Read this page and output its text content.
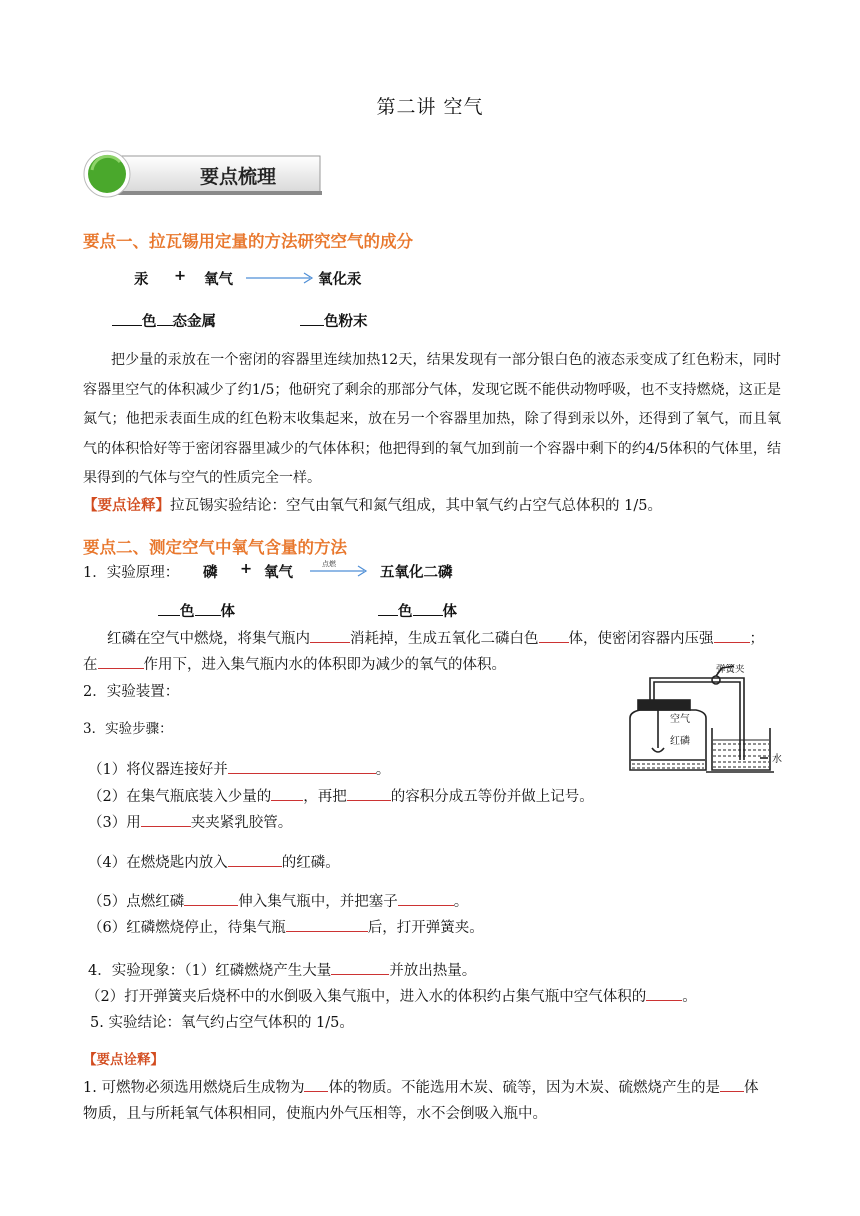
第二讲 空气
要点梳理
要点一、拉瓦锡用定量的方法研究空气的成分
汞 + 氧气	氧化汞
色 态金属	色粉末
把少量的汞放在一个密闭的容器里连续加热12天，结果发现有一部分银白色的液态汞变成了红色粉末，同时容器里空气的体积减少了约1/5；他研究了剩余的那部分气体，发现它既不能供动物呼吸，也不支持燃烧，这正是氮气；他把汞表面生成的红色粉末收集起来，放在另一个容器里加热，除了得到汞以外，还得到了氧气，而且氧气的体积恰好等于密闭容器里减少的气体体积；他把得到的氧气加到前一个容器中剩下的约4/5体积的气体里，结果得到的气体与空气的性质完全一样。
【要点诠释】拉瓦锡实验结论：空气由氧气和氮气组成，其中氧气约占空气总体积的 1/5。
要点二、测定空气中氧气含量的方法
1．实验原理： 磷 + 氧气
点燃
五氧化二磷
色 体	色 体
红磷在空气中燃烧，将集气瓶内	消耗掉，生成五氧化二磷白色 体，使密闭容器内压强 ；
在	作用下，进入集气瓶内水的体积即为减少的氧气的体积。
2．实验装置：
3．实验步骤：
弹簧夹
空气
红磷
水
（1）将仪器连接好并	。
（2）在集气瓶底装入少量的 ，再把	的容积分成五等份并做上记号。
（3）用	夹夹紧乳胶管。
（4）在燃烧匙内放入	的红磷。
（5）点燃红磷	伸入集气瓶中，并把塞子	。
（6）红磷燃烧停止，待集气瓶	后，打开弹簧夹。
4．实验现象：（1）红磷燃烧产生大量	并放出热量。
（2）打开弹簧夹后烧杯中的水倒吸入集气瓶中，进入水的体积约占集气瓶中空气体积的 。
5. 实验结论：氧气约占空气体积的 1/5。
【要点诠释】
1. 可燃物必须选用燃烧后生成物为 体的物质。不能选用木炭、硫等，因为木炭、硫燃烧产生的是 体
物质，且与所耗氧气体积相同，使瓶内外气压相等，水不会倒吸入瓶中。
